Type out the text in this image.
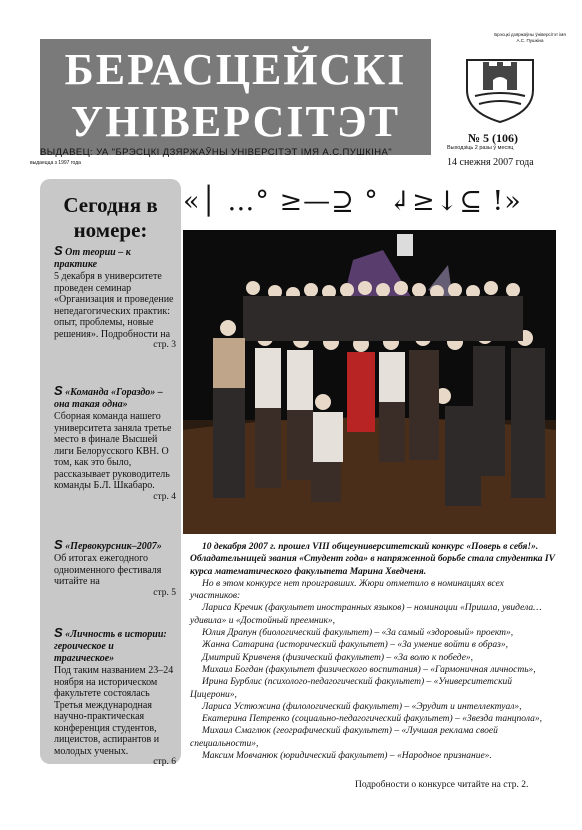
БЕРАСЦЕЙСКІ
УНІВЕРСІТЭТ
ВЫДАВЕЦ: УА "БРЭСЦКІ ДЗЯРЖАЎНЫ УНІВЕРСІТЭТ ІМЯ А.С.ПУШКІНА"
выдаецца з 1997 года
Брэсцкі дзяржаўны ўніверсітэт імя А.С. Пушкіна
№ 5 (106)
Выходзіць 2 разы ў месяц
14 снежня 2007 года
Сегодня в номере:
S От теории – к практике
5 декабря в университете проведен семинар «Организация и проведение непедагогических практик: опыт, проблемы, новые решения». Подробности на
стр. 3
S «Команда «Гораздо» – она такая одна»
Сборная команда нашего университета заняла третье место в финале Высшей лиги Белорусского КВН. О том, как это было, рассказывает руководитель команды Б.Л. Шкабаро.
стр. 4
S «Первокурсник–2007»
Об итогах ежегодного одноименного фестиваля читайте на
стр. 5
S «Личность в истории: героическое и трагическое»
Под таким названием 23–24 ноября на историческом факультете состоялась Третья международная научно-практическая конференция студентов, лицеистов, аспирантов и молодых ученых.
стр. 6
«│ …° ≥—⊇ ° ↲≥↓⊆ !»

10 декабря 2007 г. прошел VIII общеуниверситетский конкурс «Поверь в себя!». Обладательницей звания «Студент года» в напряженной борьбе стала студентка IV курса математического факультета Марина Хведченя.

Но в этом конкурсе нет проигравших. Жюри отметило в номинациях всех участников:

Лариса Кречик (факультет иностранных языков) – номинации «Пришла, увидела… удивила» и «Достойный преемник»,

Юлия Драпун (биологический факультет) – «За самый «здоровый» проект»,

Жанна Сатарина (исторический факультет) – «За умение войти в образ»,

Дмитрий Кривченя (физический факультет) – «За волю к победе»,

Михаил Богдан (факультет физического воспитания) – «Гармоничная личность»,

Ирина Бурблис (психолого-педагогический факультет) – «Университетский Цицерони»,

Лариса Устюжина (филологический факультет) – «Эрудит и интеллектуал»,

Екатерина Петренко (социально-педагогический факультет) – «Звезда танцпола»,

Михаил Смаглюк (географический факультет) – «Лучшая реклама своей специальности»,

Максим Мовчанюк (юридический факультет) – «Народное признание».

Подробности о конкурсе читайте на стр. 2.
